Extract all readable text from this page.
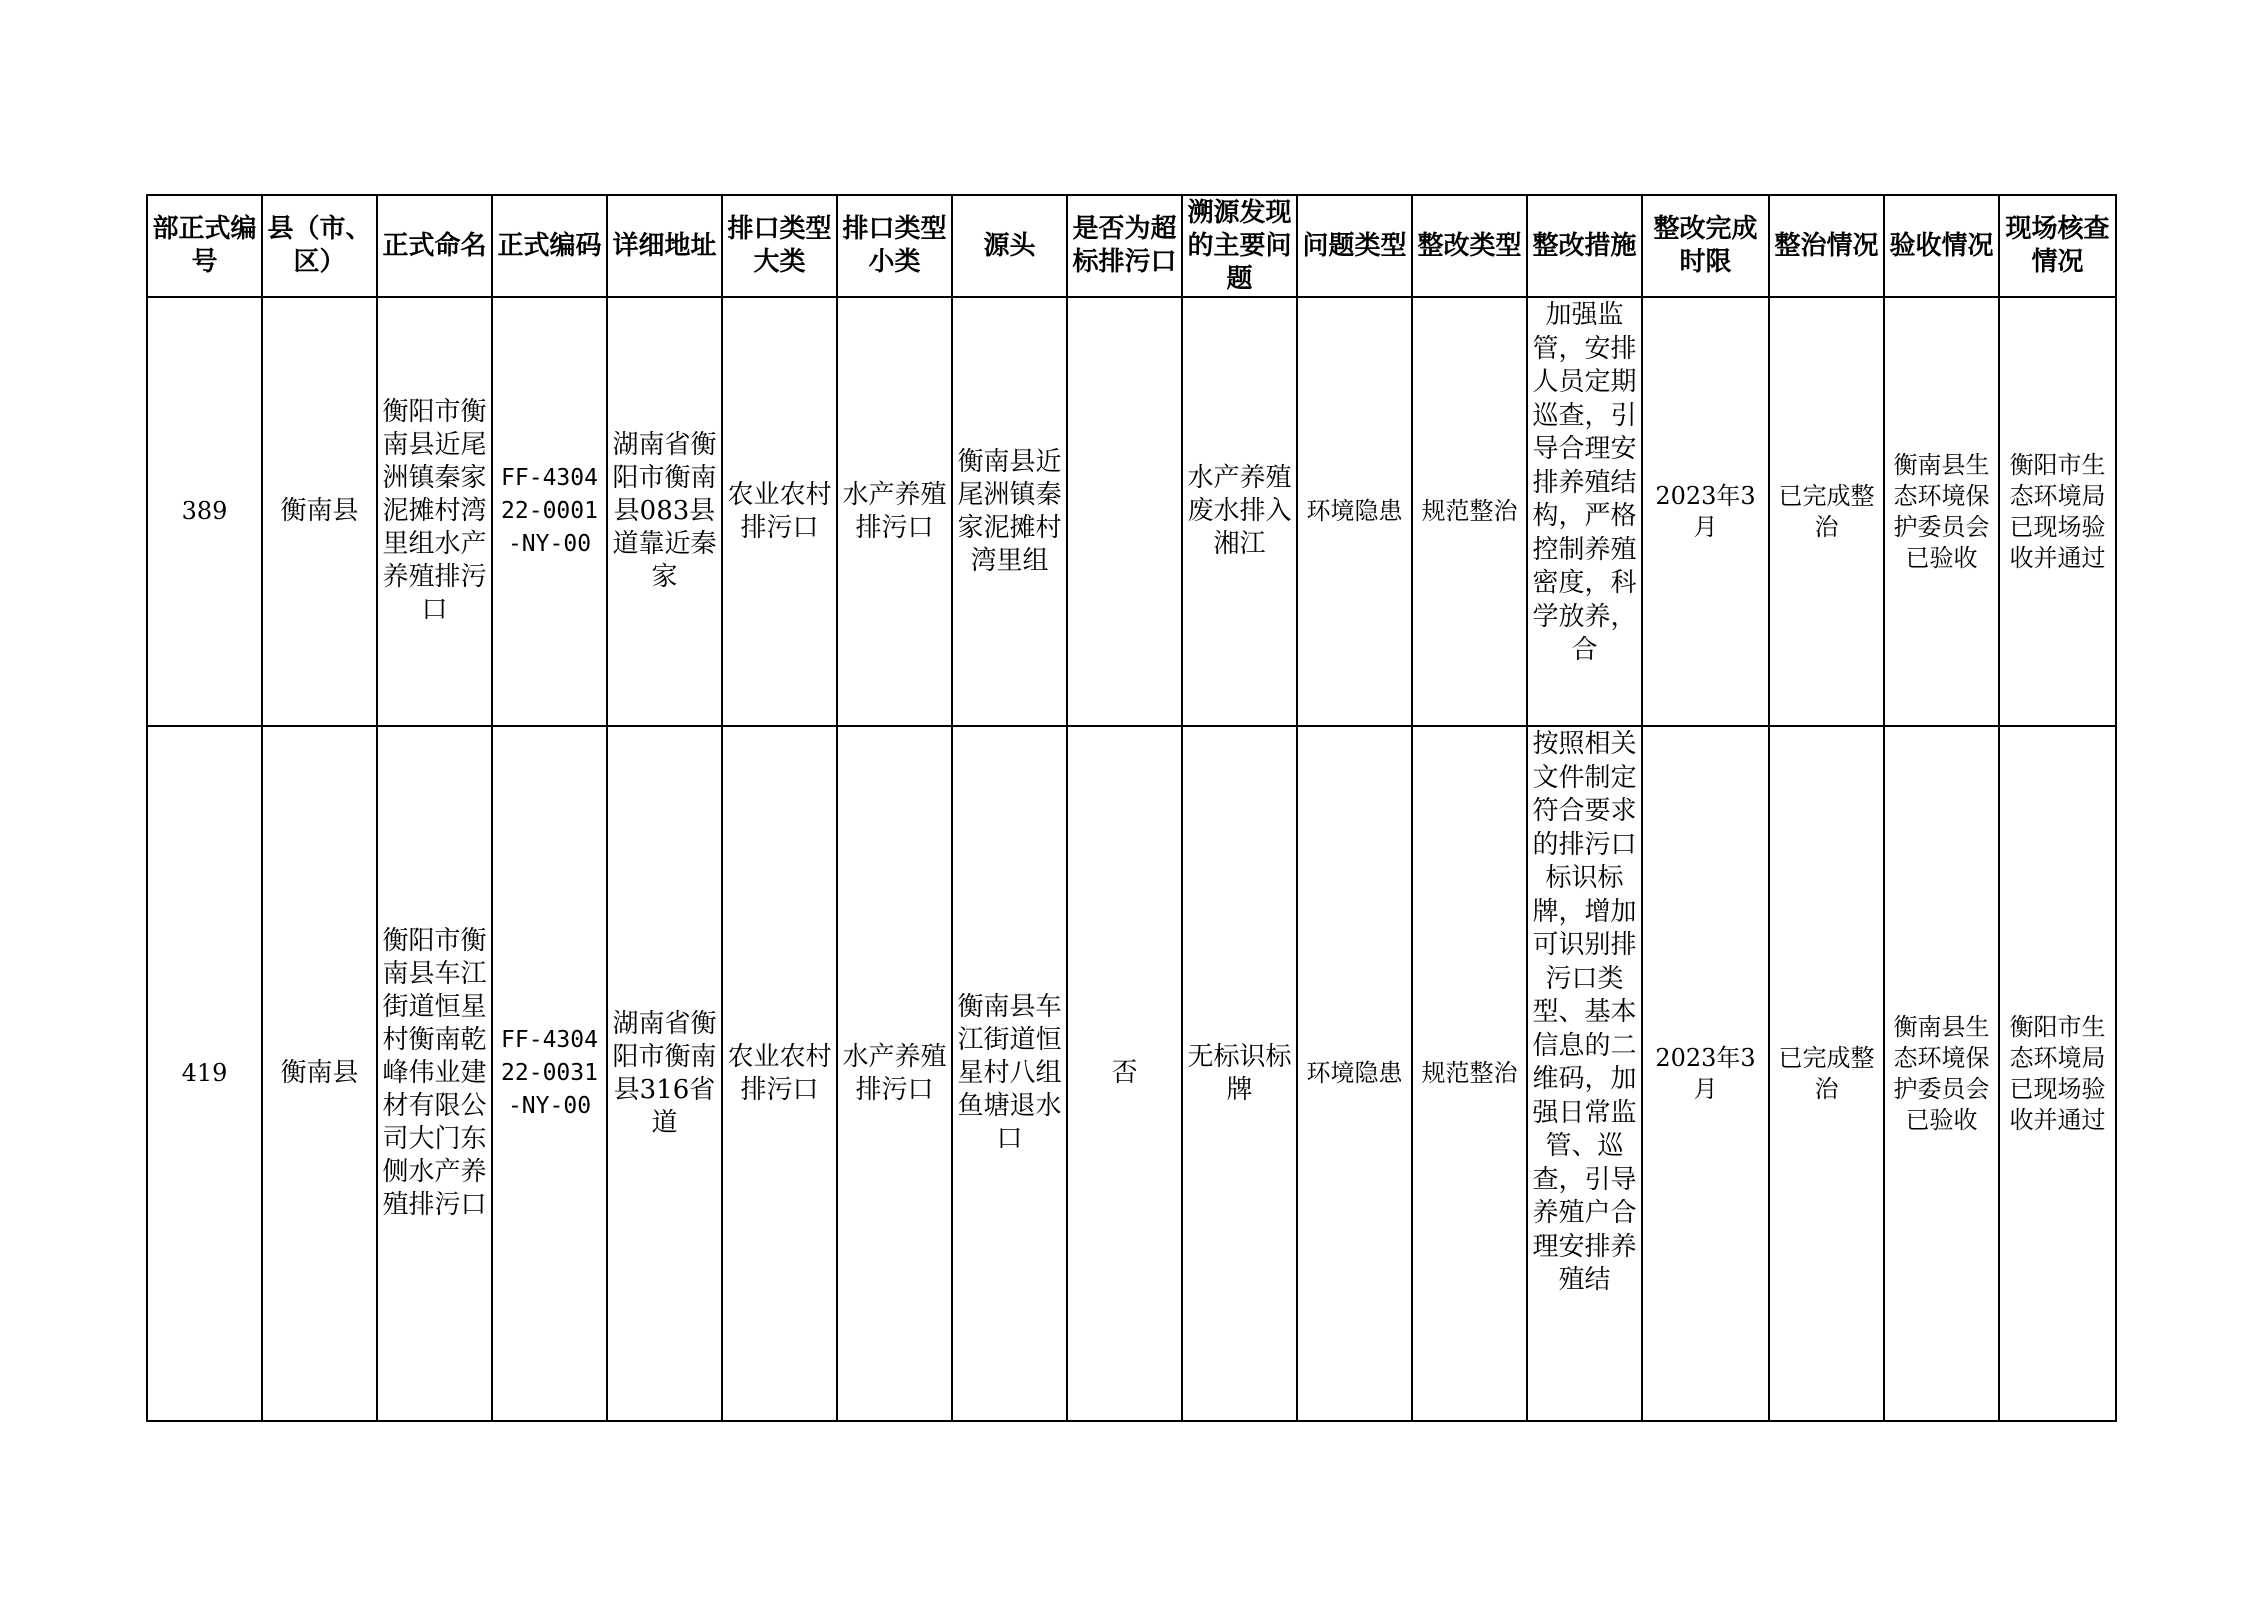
部正式编号	县（市、区）	正式命名	正式编码	详细地址	排口类型大类	排口类型小类	源头	是否为超标排污口	溯源发现的主要问题	问题类型	整改类型	整改措施	整改完成时限	整治情况	验收情况	现场核查情况
389	衡南县	衡阳市衡南县近尾洲镇秦家泥摊村湾里组水产养殖排污口	FF-430422-0001-NY-00	湖南省衡阳市衡南县083县道靠近秦家	农业农村排污口	水产养殖排污口	衡南县近尾洲镇秦家泥摊村湾里组		水产养殖废水排入湘江	环境隐患	规范整治	加强监管，安排人员定期巡查，引导合理安排养殖结构，严格控制养殖密度，科学放养，合	2023年3月	已完成整治	衡南县生态环境保护委员会已验收	衡阳市生态环境局已现场验收并通过
419	衡南县	衡阳市衡南县车江街道恒星村衡南乾峰伟业建材有限公司大门东侧水产养殖排污口	FF-430422-0031-NY-00	湖南省衡阳市衡南县316省道	农业农村排污口	水产养殖排污口	衡南县车江街道恒星村八组鱼塘退水口	否	无标识标牌	环境隐患	规范整治	按照相关文件制定符合要求的排污口标识标牌，增加可识别排污口类型、基本信息的二维码，加强日常监管、巡查，引导养殖户合理安排养殖结	2023年3月	已完成整治	衡南县生态环境保护委员会已验收	衡阳市生态环境局已现场验收并通过
